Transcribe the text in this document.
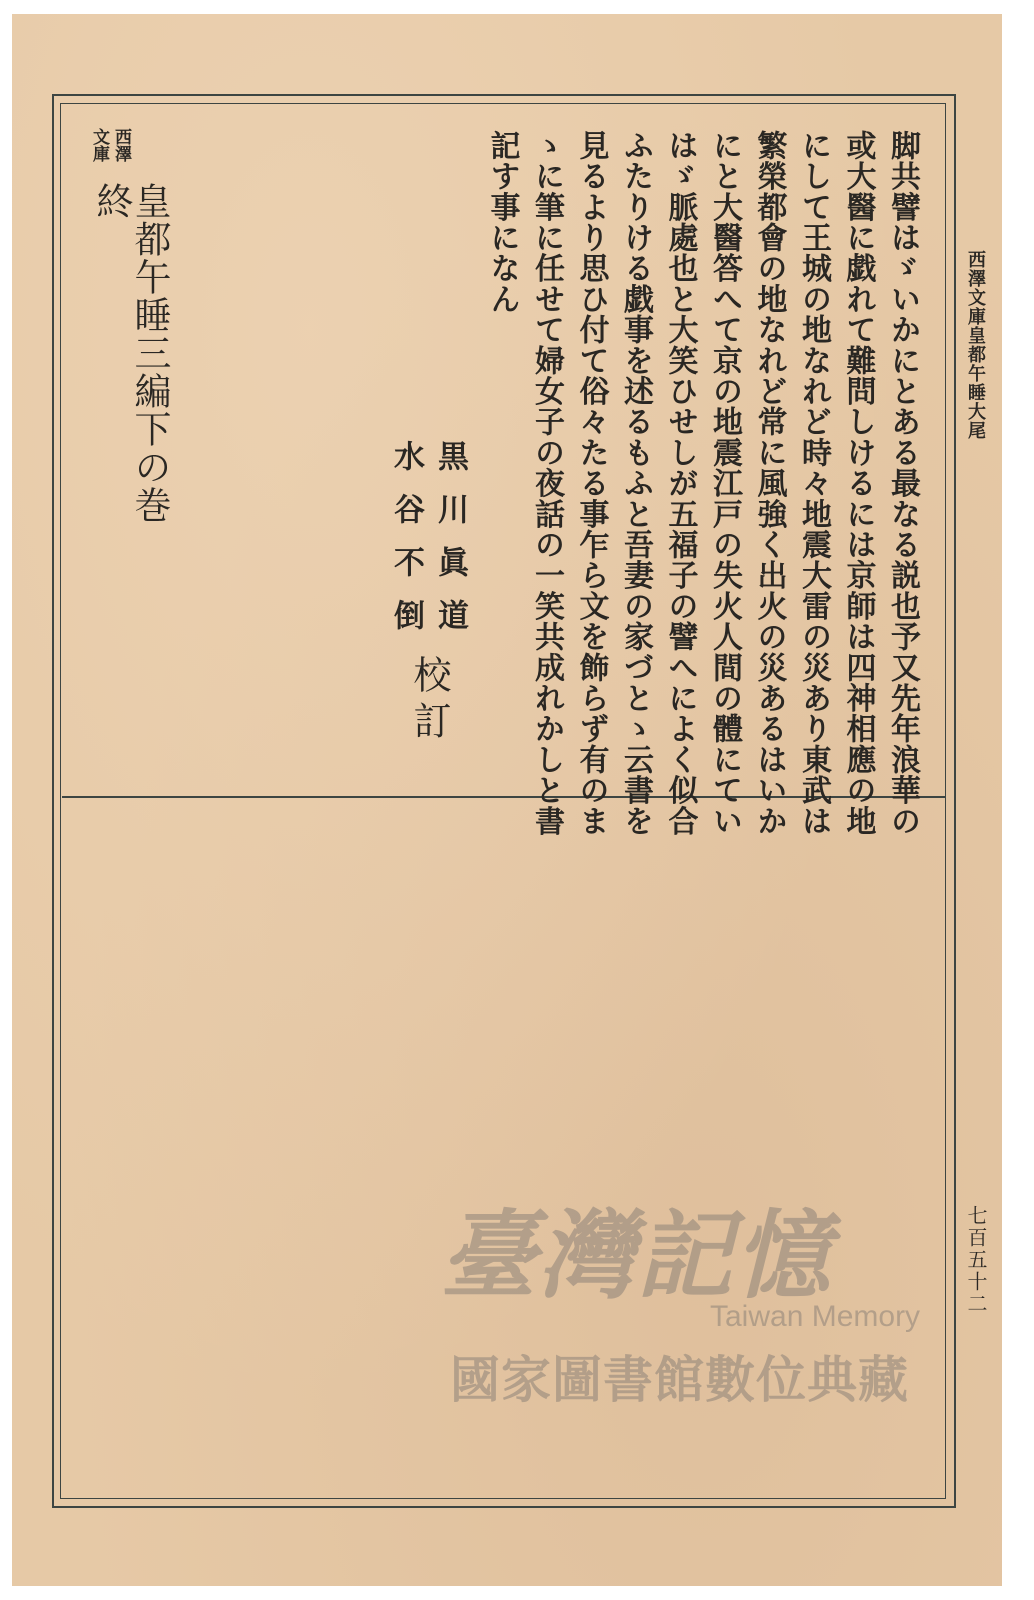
西澤文庫皇都午睡大尾
七百五十二
脚共譬はゞいかにとある最なる説也予又先年浪華の
或大醫に戯れて難問しけるには京師は四神相應の地
にして王城の地なれど時々地震大雷の災あり東武は
繁榮都會の地なれど常に風強く出火の災あるはいか
にと大醫答へて京の地震江戸の失火人間の體にてい
はゞ脈處也と大笑ひせしが五福子の譬へによく似合
ふたりける戯事を述るもふと吾妻の家づとゝ云書を
見るより思ひ付て俗々たる事乍ら文を飾らず有のま
ゝに筆に任せて婦女子の夜話の一笑共成れかしと書
記す事になん
黒川眞道
水谷不倒
校訂
西澤
文庫
皇都午睡三編下の巻終
臺灣記憶
Taiwan Memory
國家圖書館數位典藏
